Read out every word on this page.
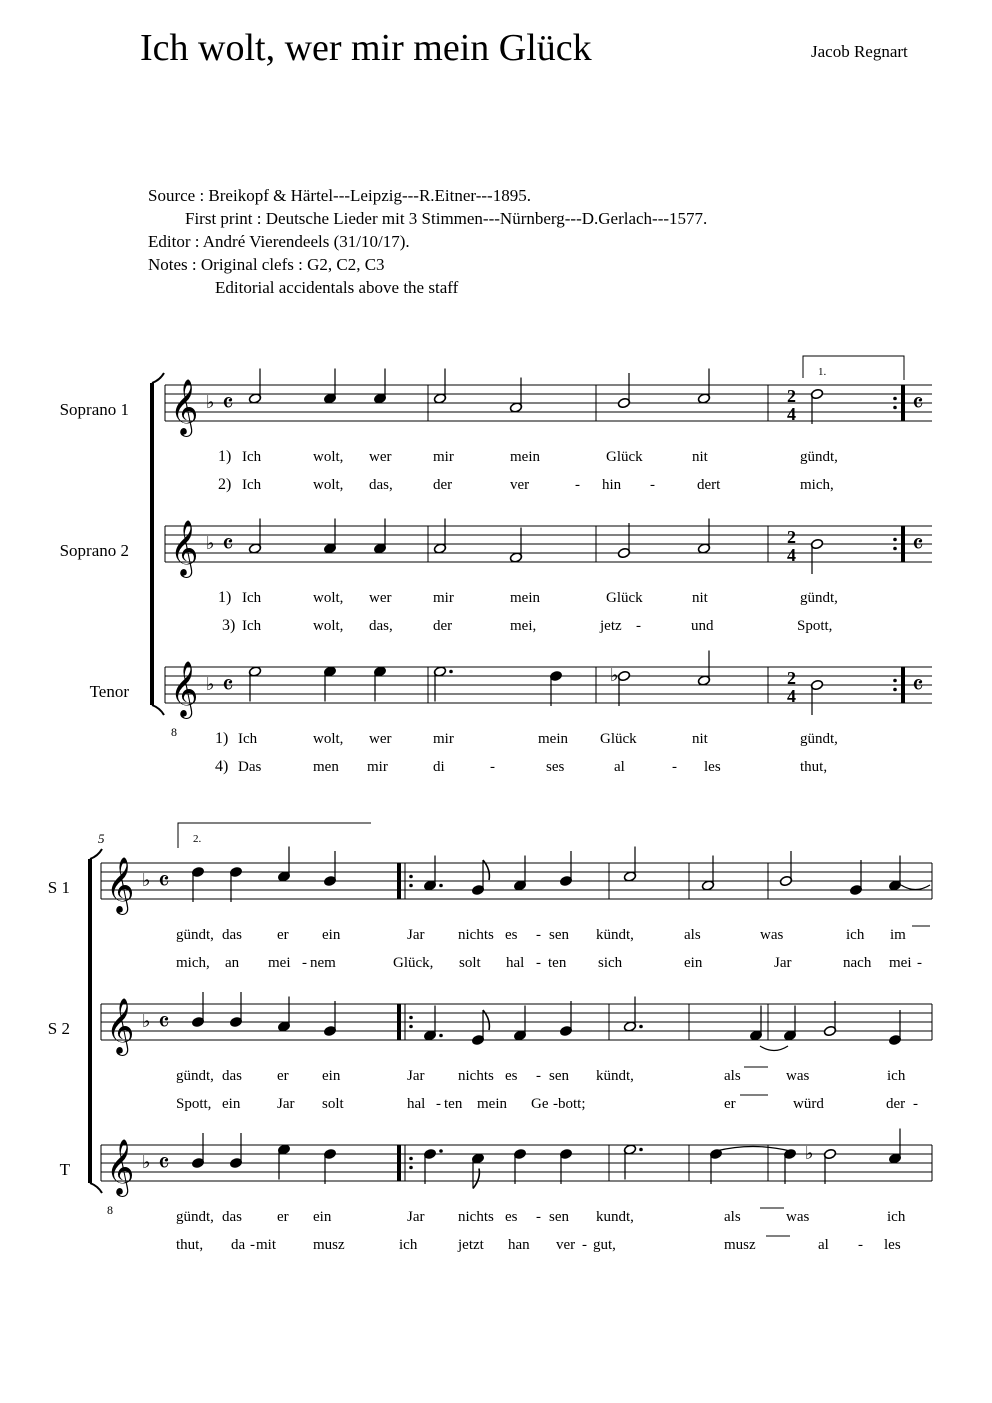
Ich wolt, wer mir mein Glück	Jacob Regnart
Source : Breikopf & Härtel---Leipzig---R.Eitner---1895.
First print : Deutsche Lieder mit 3 Stimmen---Nürnberg---D.Gerlach---1577.
Editor : André Vierendeels (31/10/17).
Notes : Original clefs : G2, C2, C3
Editorial accidentals above the staff
𝄞 ♭ 𝄴	2
4	𝄴
Soprano 1
𝄞 ♭ 𝄴	2
4	𝄴
Soprano 2
𝄞 ♭ 𝄴
8
2
4	𝄴
♭
Tenor
1.
1) Ich	wolt, wer	mir	mein	Glück	nit	gündt,
2) Ich	wolt, das,	der	ver	- hin -	dert	mich,
1) Ich	wolt, wer	mir	mein	Glück	nit	gündt,
3) Ich	wolt, das,	der	mei,	jetz -	und	Spott,
1) Ich	wolt, wer	mir	mein Glück	nit	gündt,
4) Das	men mir	di	-	ses	al	- les	thut,
5
𝄞 ♭ 𝄴
S 1
𝄞 ♭ 𝄴
S 2
𝄞 ♭ 𝄴
8
♭
T
2.
gündt, das er ein	Jar nichts es - sen kündt,	als	was	ich im
mich, an mei - nem	Glück, solt hal - ten sich	ein	Jar	nach mei -
gündt, das er ein	Jar nichts es - sen kündt,	als	was	ich
Spott, ein Jar solt	hal - ten mein Ge - bott;	er	würd	der -
gündt, das er ein	Jar nichts es - sen kundt,	als	was	ich
thut, da - mit musz	ich	jetzt han ver - gut,	musz	al - les
